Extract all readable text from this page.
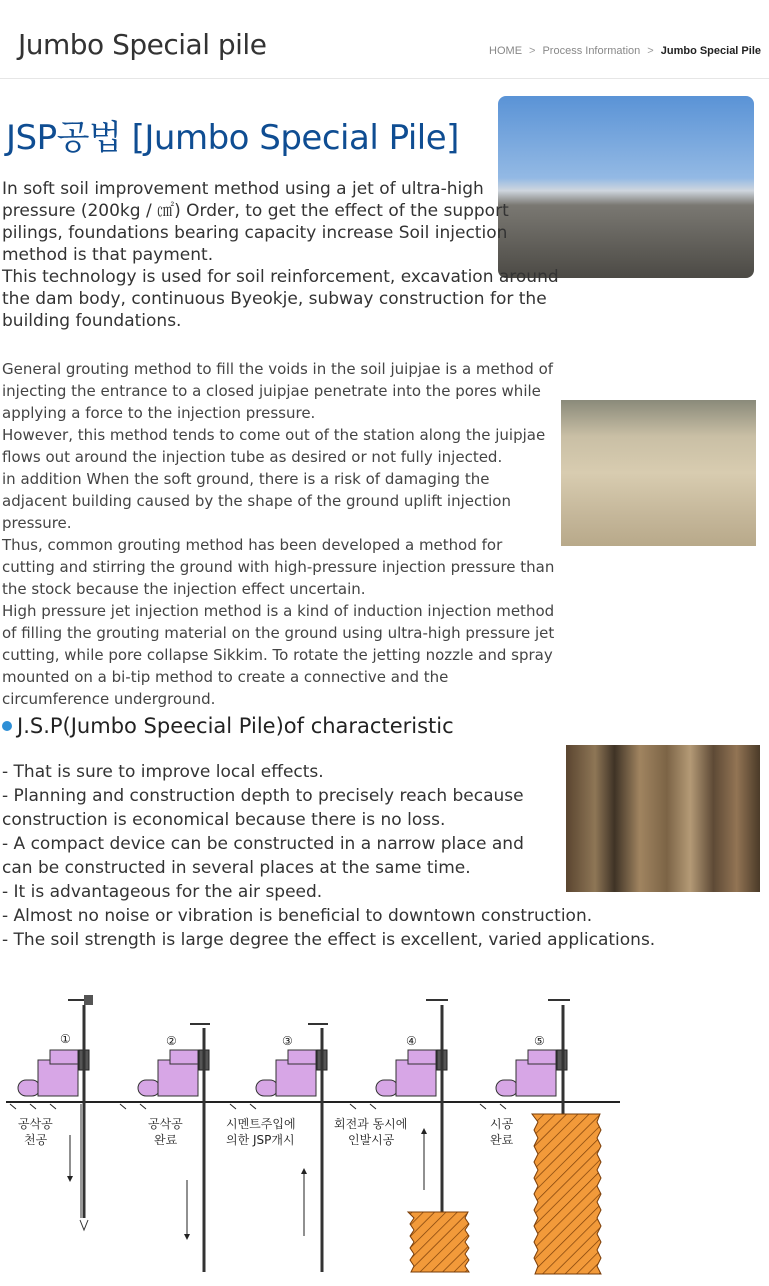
Jumbo Special pile	HOME > Process Information > Jumbo Special Pile
JSP공법 [Jumbo Special Pile]
In soft soil improvement method using a jet of ultra-high pressure (200kg / ㎠) Order, to get the effect of the support pilings, foundations bearing capacity increase Soil injection method is that payment.
This technology is used for soil reinforcement, excavation around the dam body, continuous Byeokje, subway construction for the building foundations.
General grouting method to fill the voids in the soil juipjae is a method of injecting the entrance to a closed juipjae penetrate into the pores while applying a force to the injection pressure.
However, this method tends to come out of the station along the juipjae flows out around the injection tube as desired or not fully injected.
in addition When the soft ground, there is a risk of damaging the adjacent building caused by the shape of the ground uplift injection pressure.
Thus, common grouting method has been developed a method for cutting and stirring the ground with high-pressure injection pressure than the stock because the injection effect uncertain.
High pressure jet injection method is a kind of induction injection method of filling the grouting material on the ground using ultra-high pressure jet cutting, while pore collapse Sikkim. To rotate the jetting nozzle and spray mounted on a bi-tip method to create a connective and the circumference underground.
J.S.P(Jumbo Speecial Pile)of characteristic
- That is sure to improve local effects.
- Planning and construction depth to precisely reach because
construction is economical because there is no loss.
- A compact device can be constructed in a narrow place and
can be constructed in several places at the same time.
- It is advantageous for the air speed.
- Almost no noise or vibration is beneficial to downtown construction.
- The soil strength is large degree the effect is excellent, varied applications.
①	②	③	④	⑤
공삭공
천공
공삭공
완료
시멘트주입에
의한 JSP개시
회전과 동시에
인발시공
시공
완료
